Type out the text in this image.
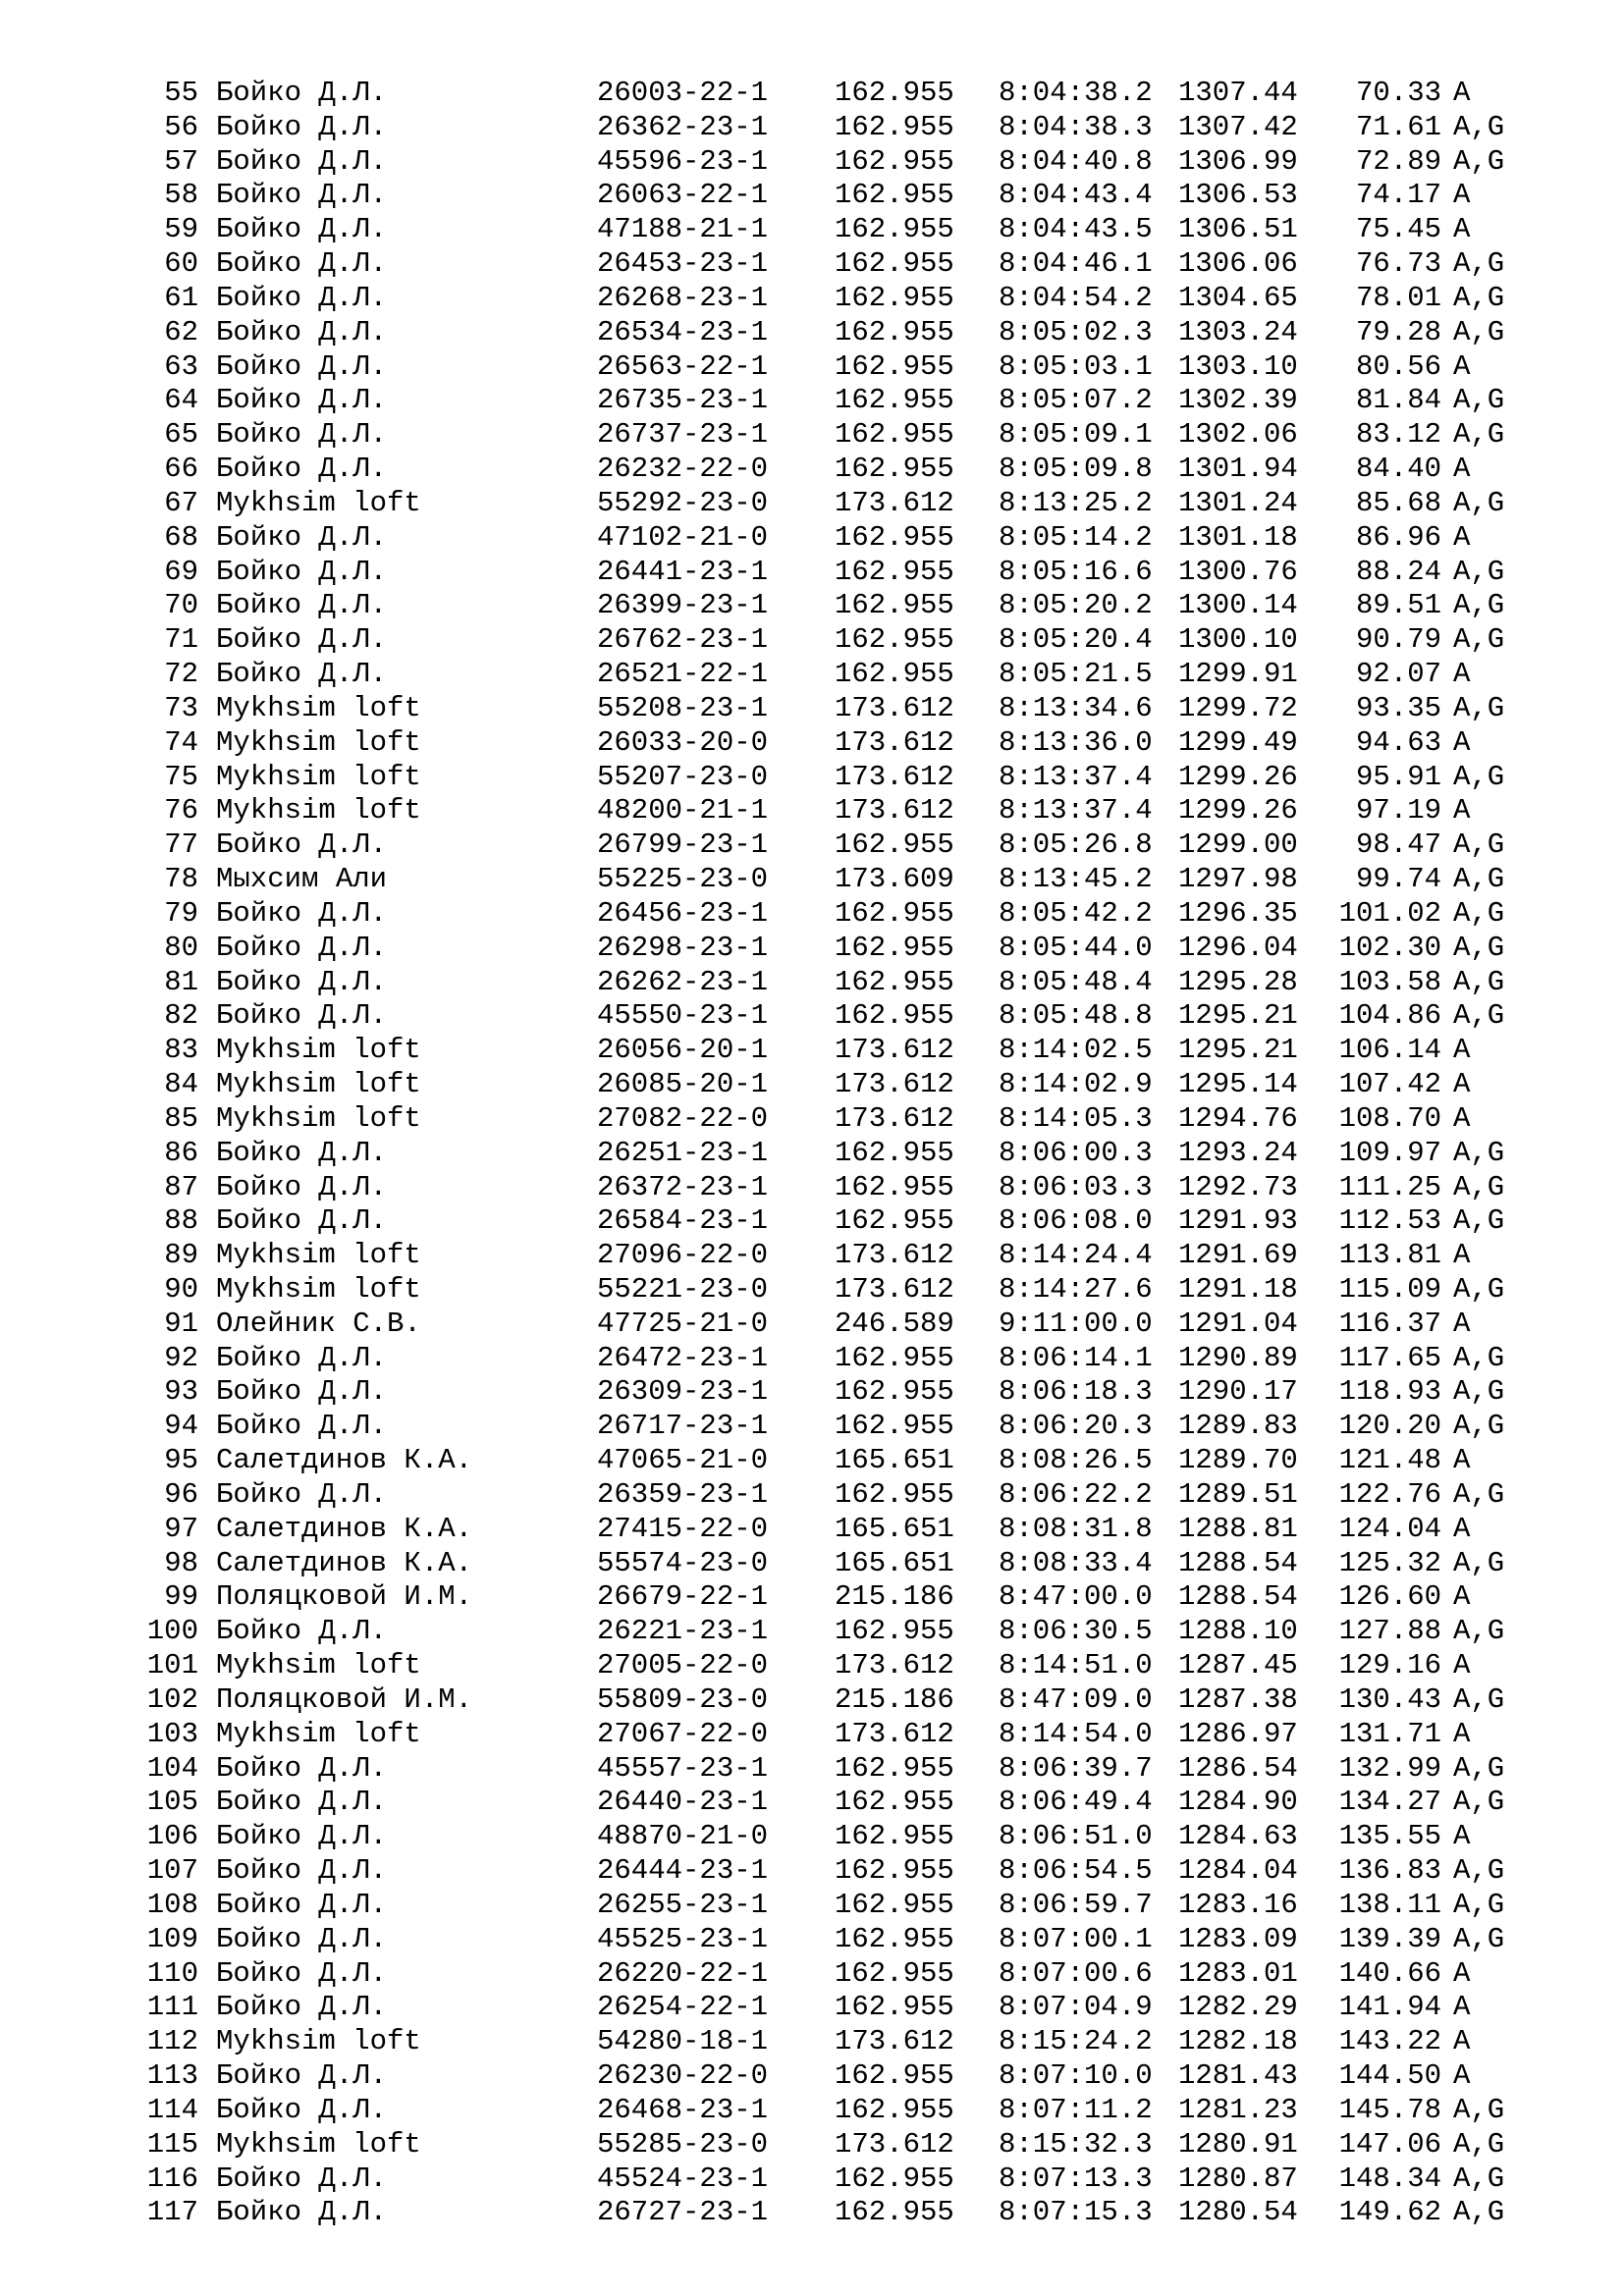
55 Бойко Д.Л.	26003-22-1 162.955 8:04:38.2 1307.44	70.33 A
56 Бойко Д.Л.	26362-23-1 162.955 8:04:38.3 1307.42	71.61 A,G
57 Бойко Д.Л.	45596-23-1 162.955 8:04:40.8 1306.99	72.89 A,G
58 Бойко Д.Л.	26063-22-1 162.955 8:04:43.4 1306.53	74.17 A
59 Бойко Д.Л.	47188-21-1 162.955 8:04:43.5 1306.51	75.45 A
60 Бойко Д.Л.	26453-23-1 162.955 8:04:46.1 1306.06	76.73 A,G
61 Бойко Д.Л.	26268-23-1 162.955 8:04:54.2 1304.65	78.01 A,G
62 Бойко Д.Л.	26534-23-1 162.955 8:05:02.3 1303.24	79.28 A,G
63 Бойко Д.Л.	26563-22-1 162.955 8:05:03.1 1303.10	80.56 A
64 Бойко Д.Л.	26735-23-1 162.955 8:05:07.2 1302.39	81.84 A,G
65 Бойко Д.Л.	26737-23-1 162.955 8:05:09.1 1302.06	83.12 A,G
66 Бойко Д.Л.	26232-22-0 162.955 8:05:09.8 1301.94	84.40 A
67 Mykhsim loft	55292-23-0 173.612 8:13:25.2 1301.24	85.68 A,G
68 Бойко Д.Л.	47102-21-0 162.955 8:05:14.2 1301.18	86.96 A
69 Бойко Д.Л.	26441-23-1 162.955 8:05:16.6 1300.76	88.24 A,G
70 Бойко Д.Л.	26399-23-1 162.955 8:05:20.2 1300.14	89.51 A,G
71 Бойко Д.Л.	26762-23-1 162.955 8:05:20.4 1300.10	90.79 A,G
72 Бойко Д.Л.	26521-22-1 162.955 8:05:21.5 1299.91	92.07 A
73 Mykhsim loft	55208-23-1 173.612 8:13:34.6 1299.72	93.35 A,G
74 Mykhsim loft	26033-20-0 173.612 8:13:36.0 1299.49	94.63 A
75 Mykhsim loft	55207-23-0 173.612 8:13:37.4 1299.26	95.91 A,G
76 Mykhsim loft	48200-21-1 173.612 8:13:37.4 1299.26	97.19 A
77 Бойко Д.Л.	26799-23-1 162.955 8:05:26.8 1299.00	98.47 A,G
78 Мыхсим Али	55225-23-0 173.609 8:13:45.2 1297.98	99.74 A,G
79 Бойко Д.Л.	26456-23-1 162.955 8:05:42.2 1296.35	101.02 A,G
80 Бойко Д.Л.	26298-23-1 162.955 8:05:44.0 1296.04	102.30 A,G
81 Бойко Д.Л.	26262-23-1 162.955 8:05:48.4 1295.28	103.58 A,G
82 Бойко Д.Л.	45550-23-1 162.955 8:05:48.8 1295.21	104.86 A,G
83 Mykhsim loft	26056-20-1 173.612 8:14:02.5 1295.21	106.14 A
84 Mykhsim loft	26085-20-1 173.612 8:14:02.9 1295.14	107.42 A
85 Mykhsim loft	27082-22-0 173.612 8:14:05.3 1294.76	108.70 A
86 Бойко Д.Л.	26251-23-1 162.955 8:06:00.3 1293.24	109.97 A,G
87 Бойко Д.Л.	26372-23-1 162.955 8:06:03.3 1292.73	111.25 A,G
88 Бойко Д.Л.	26584-23-1 162.955 8:06:08.0 1291.93	112.53 A,G
89 Mykhsim loft	27096-22-0 173.612 8:14:24.4 1291.69	113.81 A
90 Mykhsim loft	55221-23-0 173.612 8:14:27.6 1291.18	115.09 A,G
91 Олейник С.В.	47725-21-0 246.589 9:11:00.0 1291.04	116.37 A
92 Бойко Д.Л.	26472-23-1 162.955 8:06:14.1 1290.89	117.65 A,G
93 Бойко Д.Л.	26309-23-1 162.955 8:06:18.3 1290.17	118.93 A,G
94 Бойко Д.Л.	26717-23-1 162.955 8:06:20.3 1289.83	120.20 A,G
95 Салетдинов К.А.	47065-21-0 165.651 8:08:26.5 1289.70	121.48 A
96 Бойко Д.Л.	26359-23-1 162.955 8:06:22.2 1289.51	122.76 A,G
97 Салетдинов К.А.	27415-22-0 165.651 8:08:31.8 1288.81	124.04 A
98 Салетдинов К.А.	55574-23-0 165.651 8:08:33.4 1288.54	125.32 A,G
99 Поляцковой И.М.	26679-22-1 215.186 8:47:00.0 1288.54	126.60 A
100 Бойко Д.Л.	26221-23-1 162.955 8:06:30.5 1288.10	127.88 A,G
101 Mykhsim loft	27005-22-0 173.612 8:14:51.0 1287.45	129.16 A
102 Поляцковой И.М.	55809-23-0 215.186 8:47:09.0 1287.38	130.43 A,G
103 Mykhsim loft	27067-22-0 173.612 8:14:54.0 1286.97	131.71 A
104 Бойко Д.Л.	45557-23-1 162.955 8:06:39.7 1286.54	132.99 A,G
105 Бойко Д.Л.	26440-23-1 162.955 8:06:49.4 1284.90	134.27 A,G
106 Бойко Д.Л.	48870-21-0 162.955 8:06:51.0 1284.63	135.55 A
107 Бойко Д.Л.	26444-23-1 162.955 8:06:54.5 1284.04	136.83 A,G
108 Бойко Д.Л.	26255-23-1 162.955 8:06:59.7 1283.16	138.11 A,G
109 Бойко Д.Л.	45525-23-1 162.955 8:07:00.1 1283.09	139.39 A,G
110 Бойко Д.Л.	26220-22-1 162.955 8:07:00.6 1283.01	140.66 A
111 Бойко Д.Л.	26254-22-1 162.955 8:07:04.9 1282.29	141.94 A
112 Mykhsim loft	54280-18-1 173.612 8:15:24.2 1282.18	143.22 A
113 Бойко Д.Л.	26230-22-0 162.955 8:07:10.0 1281.43	144.50 A
114 Бойко Д.Л.	26468-23-1 162.955 8:07:11.2 1281.23	145.78 A,G
115 Mykhsim loft	55285-23-0 173.612 8:15:32.3 1280.91	147.06 A,G
116 Бойко Д.Л.	45524-23-1 162.955 8:07:13.3 1280.87	148.34 A,G
117 Бойко Д.Л.	26727-23-1 162.955 8:07:15.3 1280.54	149.62 A,G
